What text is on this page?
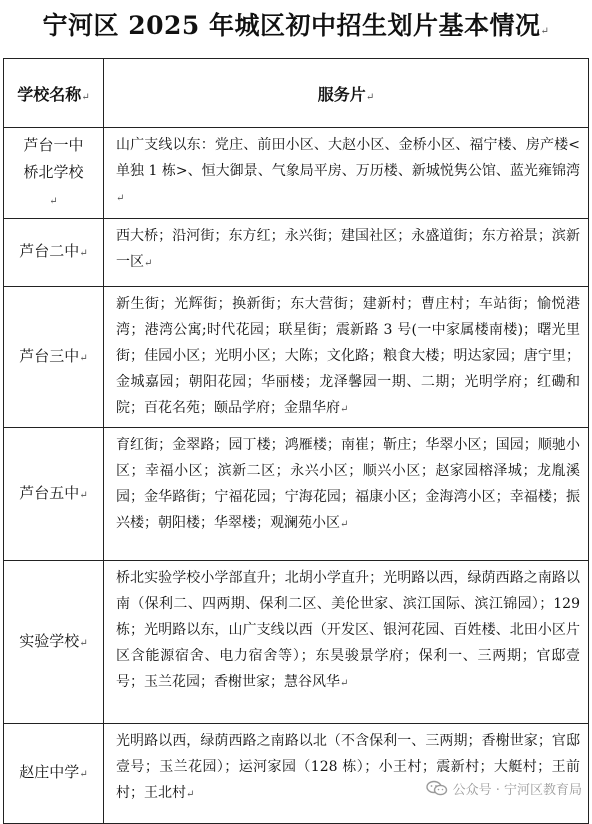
宁河区 2025 年城区初中招生划片基本情况↵
学校名称↵	服务片↵

芦台一中桥北学校↵	山广支线以东：党庄、前田小区、大赵小区、金桥小区、福宁楼、房产楼<单独 1 栋>、恒大御景、气象局平房、万历楼、新城悦隽公馆、蓝光雍锦湾↵
芦台二中↵	西大桥；沿河街；东方红；永兴街；建国社区；永盛道街；东方裕景；滨新一区↵
芦台三中↵	新生街；光辉街；换新街；东大营街；建新村；曹庄村；车站街；愉悦港湾；港湾公寓;时代花园；联星街；震新路 3 号(一中家属楼南楼)；曙光里街；佳园小区；光明小区；大陈；文化路；粮食大楼；明达家园；唐宁里；金城嘉园；朝阳花园；华丽楼；龙泽馨园一期、二期；光明学府；红磡和院；百花名苑；颐品学府；金鼎华府↵
芦台五中↵	育红街；金翠路；园丁楼；鸿雁楼；南崔；靳庄；华翠小区；国园；顺驰小区；幸福小区；滨新二区；永兴小区；顺兴小区；赵家园榕泽城；龙胤溪园；金华路街；宁福花园；宁海花园；福康小区；金海湾小区；幸福楼；振兴楼；朝阳楼；华翠楼；观澜苑小区↵
实验学校↵	桥北实验学校小学部直升；北胡小学直升；光明路以西，绿荫西路之南路以南（保利二、四两期、保利二区、美伦世家、滨江国际、滨江锦园）；129 栋；光明路以东，山广支线以西（开发区、银河花园、百姓楼、北田小区片区含能源宿舍、电力宿舍等）；东昊骏景学府；保利一、三两期；官邸壹号；玉兰花园；香榭世家；慧谷风华↵
赵庄中学↵	光明路以西，绿荫西路之南路以北（不含保利一、三两期；香榭世家；官邸壹号；玉兰花园）；运河家园（128 栋）；小王村；震新村；大艇村；王前村；王北村↵	公众号 · 宁河区教育局
